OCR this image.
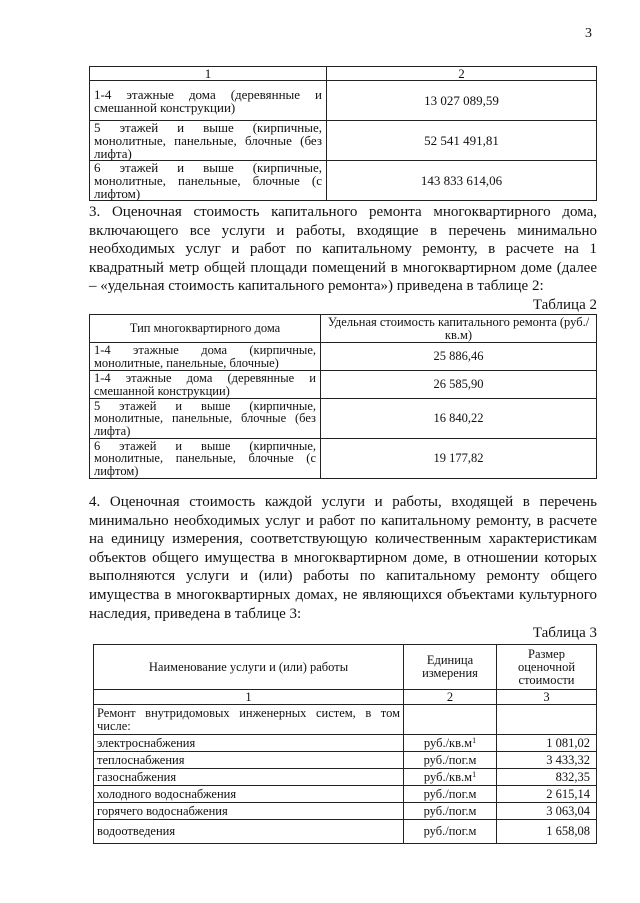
3
1	2
1-4 этажные дома (деревянные и смешанной конструкции)	13 027 089,59
5 этажей и выше (кирпичные, монолитные, панельные, блочные (без лифта)	52 541 491,81
6 этажей и выше (кирпичные, монолитные, панельные, блочные (с лифтом)	143 833 614,06

3. Оценочная стоимость капитального ремонта многоквартирного дома, включающего все услуги и работы, входящие в перечень минимально необходимых услуг и работ по капитальному ремонту, в расчете на 1 квадратный метр общей площади помещений в многоквартирном доме (далее – «удельная стоимость капитального ремонта») приведена в таблице 2:

Таблица 2
Тип многоквартирного дома	Удельная стоимость капитального ремонта (руб./кв.м)
1-4 этажные дома (кирпичные, монолитные, панельные, блочные)	25 886,46
1-4 этажные дома (деревянные и смешанной конструкции)	26 585,90
5 этажей и выше (кирпичные, монолитные, панельные, блочные (без лифта)	16 840,22
6 этажей и выше (кирпичные, монолитные, панельные, блочные (с лифтом)	19 177,82

4. Оценочная стоимость каждой услуги и работы, входящей в перечень минимально необходимых услуг и работ по капитальному ремонту, в расчете на единицу измерения, соответствующую количественным характеристикам объектов общего имущества в многоквартирном доме, в отношении которых выполняются услуги и (или) работы по капитальному ремонту общего имущества в многоквартирных домах, не являющихся объектами культурного наследия, приведена в таблице 3:

Таблица 3
Наименование услуги и (или) работы	Единица измерения	Размер оценочной стоимости
1	2	3
Ремонт внутридомовых инженерных систем, в том числе:		
электроснабжения	$руб./кв.м^1$	1 081,02
теплоснабжения	руб./пог.м	3 433,32
газоснабжения	$руб./кв.м^1$	832,35
холодного водоснабжения	руб./пог.м	2 615,14
горячего водоснабжения	руб./пог.м	3 063,04
водоотведения	руб./пог.м	1 658,08
